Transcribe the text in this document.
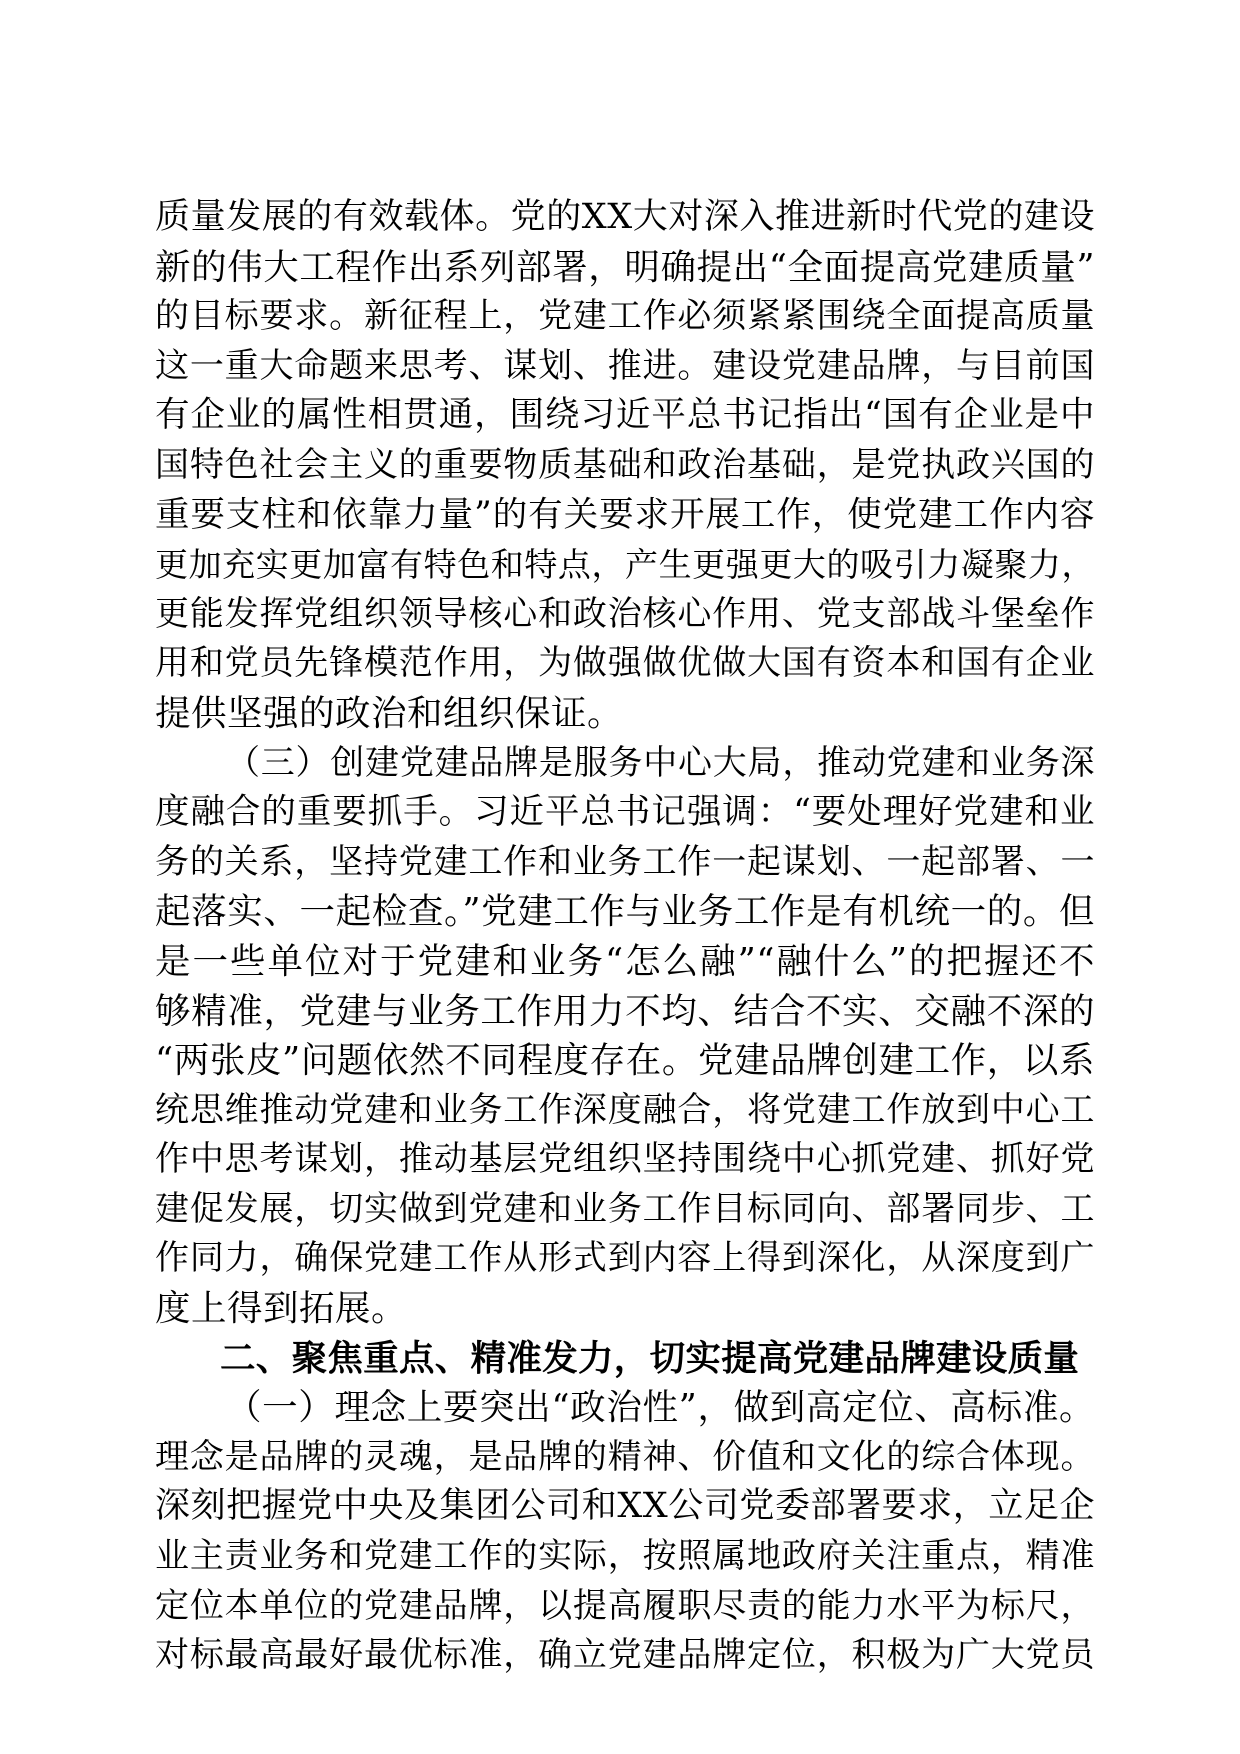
质量发展的有效载体。党的XX大对深入推进新时代党的建设
新的伟大工程作出系列部署，明确提出“全面提高党建质量”
的目标要求。新征程上，党建工作必须紧紧围绕全面提高质量
这一重大命题来思考、谋划、推进。建设党建品牌，与目前国
有企业的属性相贯通，围绕习近平总书记指出“国有企业是中
国特色社会主义的重要物质基础和政治基础，是党执政兴国的
重要支柱和依靠力量”的有关要求开展工作，使党建工作内容
更加充实更加富有特色和特点，产生更强更大的吸引力凝聚力，
更能发挥党组织领导核心和政治核心作用、党支部战斗堡垒作
用和党员先锋模范作用，为做强做优做大国有资本和国有企业
提供坚强的政治和组织保证。
（三）创建党建品牌是服务中心大局，推动党建和业务深
度融合的重要抓手。习近平总书记强调：“要处理好党建和业
务的关系，坚持党建工作和业务工作一起谋划、一起部署、一
起落实、一起检查。”党建工作与业务工作是有机统一的。但
是一些单位对于党建和业务“怎么融”“融什么”的把握还不
够精准，党建与业务工作用力不均、结合不实、交融不深的
“两张皮”问题依然不同程度存在。党建品牌创建工作，以系
统思维推动党建和业务工作深度融合，将党建工作放到中心工
作中思考谋划，推动基层党组织坚持围绕中心抓党建、抓好党
建促发展，切实做到党建和业务工作目标同向、部署同步、工
作同力，确保党建工作从形式到内容上得到深化，从深度到广
度上得到拓展。
二、聚焦重点、精准发力，切实提高党建品牌建设质量
（一）理念上要突出“政治性”，做到高定位、高标准。
理念是品牌的灵魂，是品牌的精神、价值和文化的综合体现。
深刻把握党中央及集团公司和XX公司党委部署要求，立足企
业主责业务和党建工作的实际，按照属地政府关注重点，精准
定位本单位的党建品牌，以提高履职尽责的能力水平为标尺，
对标最高最好最优标准，确立党建品牌定位，积极为广大党员
